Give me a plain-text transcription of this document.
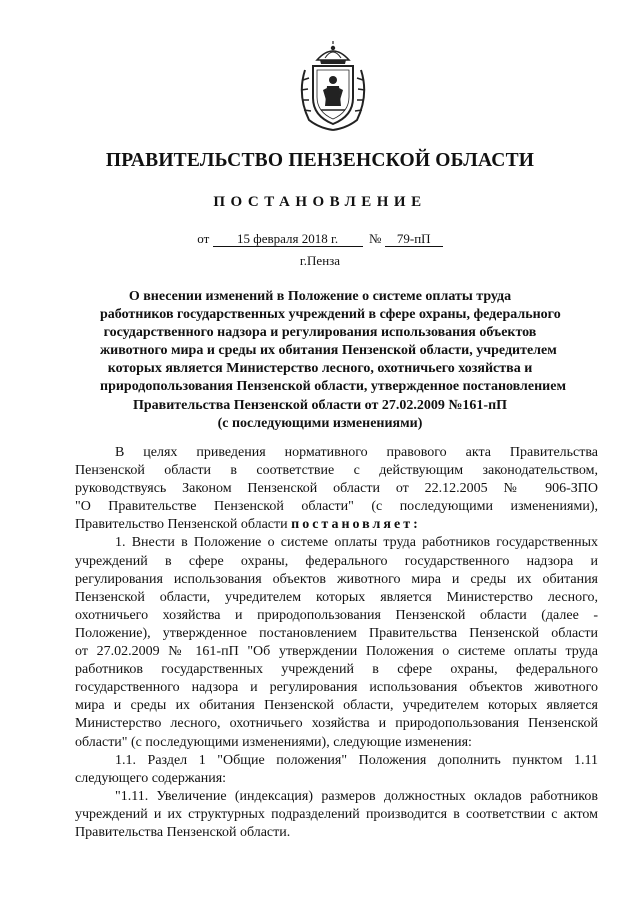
ПРАВИТЕЛЬСТВО ПЕНЗЕНСКОЙ ОБЛАСТИ
ПОСТАНОВЛЕНИЕ
от 15 февраля 2018 г. № 79-пП
г.Пенза
О внесении изменений в Положение о системе оплаты труда
работников государственных учреждений в сфере охраны, федерального
государственного надзора и регулирования использования объектов
животного мира и среды их обитания Пензенской области, учредителем
которых является Министерство лесного, охотничьего хозяйства и
природопользования Пензенской области, утвержденное постановлением
Правительства Пензенской области от 27.02.2009 №161-пП
(с последующими изменениями)
В целях приведения нормативного правового акта Правительства
Пензенской области в соответствие с действующим законодательством,
руководствуясь Законом Пензенской области от 22.12.2005 № 906-ЗПО
"О Правительстве Пензенской области" (с последующими изменениями),
Правительство Пензенской области постановляет:
1. Внести в Положение о системе оплаты труда работников государственных
учреждений в сфере охраны, федерального государственного надзора и
регулирования использования объектов животного мира и среды их обитания
Пензенской области, учредителем которых является Министерство лесного,
охотничьего хозяйства и природопользования Пензенской области (далее -
Положение), утвержденное постановлением Правительства Пензенской области
от 27.02.2009 № 161-пП "Об утверждении Положения о системе оплаты труда
работников государственных учреждений в сфере охраны, федерального
государственного надзора и регулирования использования объектов животного
мира и среды их обитания Пензенской области, учредителем которых является
Министерство лесного, охотничьего хозяйства и природопользования Пензенской
области" (с последующими изменениями), следующие изменения:
1.1. Раздел 1 "Общие положения" Положения дополнить пунктом 1.11
следующего содержания:
"1.11. Увеличение (индексация) размеров должностных окладов работников
учреждений и их структурных подразделений производится в соответствии с актом
Правительства Пензенской области.
